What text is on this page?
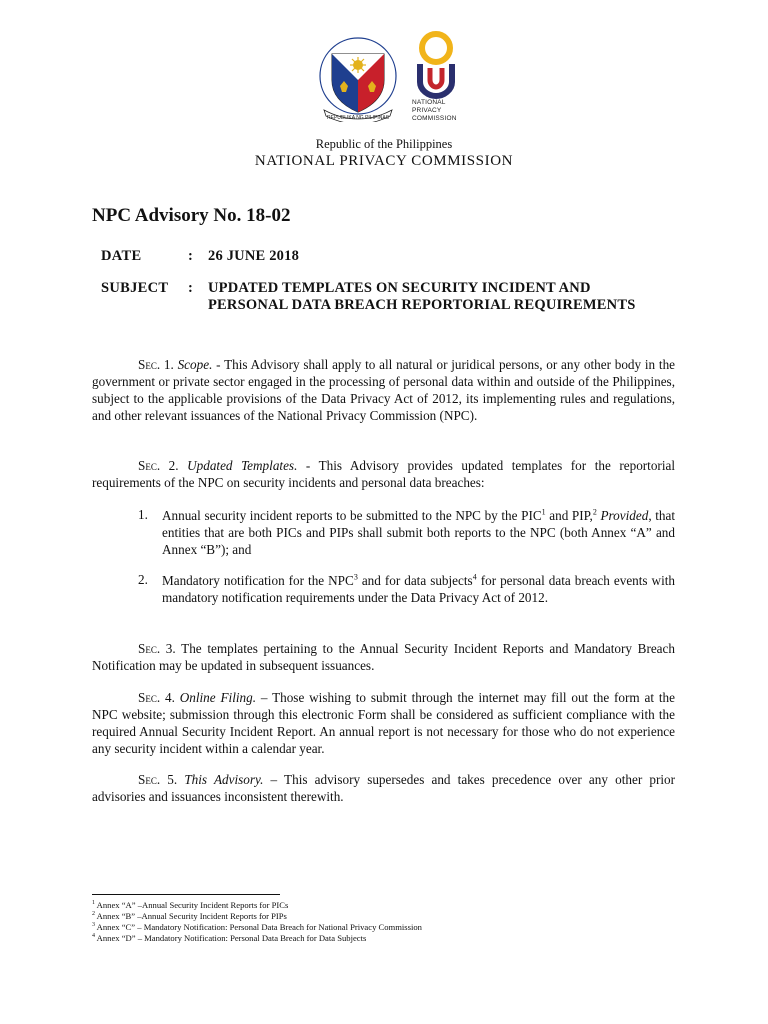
REPUBLIKA NG PILIPINAS
NATIONAL
PRIVACY
COMMISSION
Republic of the Philippines
NATIONAL PRIVACY COMMISSION
NPC Advisory No. 18-02
DATE	: 26 JUNE 2018
SUBJECT : UPDATED TEMPLATES ON SECURITY INCIDENT AND PERSONAL DATA BREACH REPORTORIAL REQUIREMENTS
Sec. 1. Scope. - This Advisory shall apply to all natural or juridical persons, or any other body in the government or private sector engaged in the processing of personal data within and outside of the Philippines, subject to the applicable provisions of the Data Privacy Act of 2012, its implementing rules and regulations, and other relevant issuances of the National Privacy Commission (NPC).
Sec. 2. Updated Templates. - This Advisory provides updated templates for the reportorial requirements of the NPC on security incidents and personal data breaches:
1. Annual security incident reports to be submitted to the NPC by the PIC$^1$ and PIP,$^2$ Provided, that entities that are both PICs and PIPs shall submit both reports to the NPC (both Annex “A” and Annex “B”); and
2. Mandatory notification for the NPC$^3$ and for data subjects$^4$ for personal data breach events with mandatory notification requirements under the Data Privacy Act of 2012.
Sec. 3. The templates pertaining to the Annual Security Incident Reports and Mandatory Breach Notification may be updated in subsequent issuances.
Sec. 4. Online Filing. – Those wishing to submit through the internet may fill out the form at the NPC website; submission through this electronic Form shall be considered as sufficient compliance with the required Annual Security Incident Report. An annual report is not necessary for those who do not experience any security incident within a calendar year.
Sec. 5. This Advisory. – This advisory supersedes and takes precedence over any other prior advisories and issuances inconsistent therewith.
$^1$ Annex “A” –Annual Security Incident Reports for PICs
$^2$ Annex “B” –Annual Security Incident Reports for PIPs
$^3$ Annex “C” – Mandatory Notification: Personal Data Breach for National Privacy Commission
$^4$ Annex “D” – Mandatory Notification: Personal Data Breach for Data Subjects
